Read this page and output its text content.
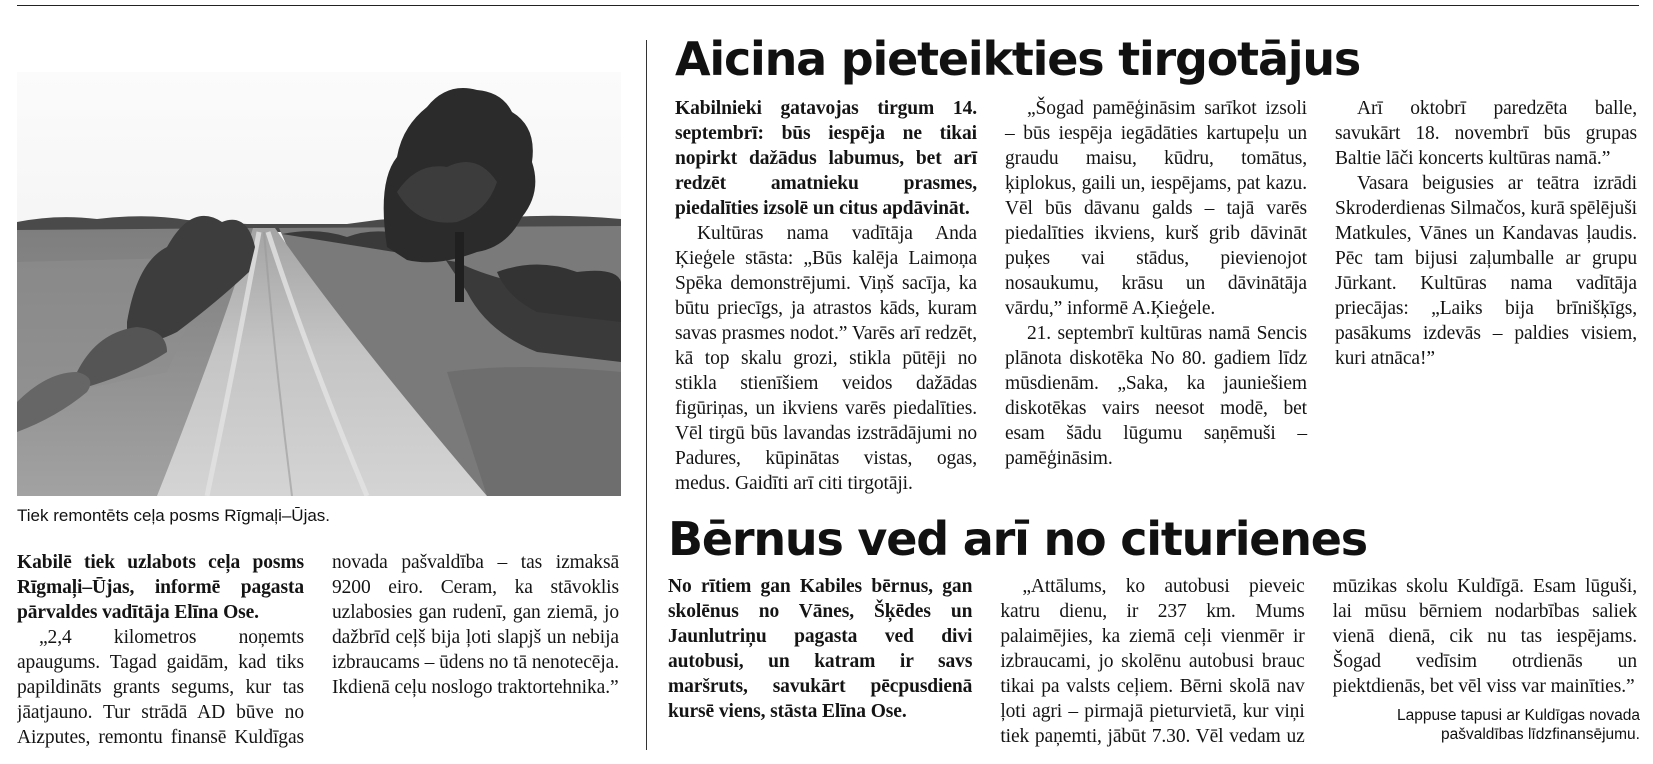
Tiek remontēts ceļa posms Rīgmaļi–Ūjas.

Kabilē tiek uzlabots ceļa posms Rīgmaļi–Ūjas, informē pagasta pārvaldes vadītāja Elīna Ose.

„2,4 kilometros noņemts apaugums. Tagad gaidām, kad tiks papildināts grants segums, kur tas jāatjauno. Tur strādā AD būve no Aizputes, remontu finansē Kuldīgas novada pašvaldība – tas izmaksā 9200 eiro. Ceram, ka stāvoklis uzlabosies gan rudenī, gan ziemā, jo dažbrīd ceļš bija ļoti slapjš un nebija izbraucams – ūdens no tā nenotecēja. Ikdienā ceļu noslogo traktortehnika.”

Aicina pieteikties tirgotājus

Kabilnieki gatavojas tirgum 14. septembrī: būs iespēja ne tikai nopirkt dažādus labumus, bet arī redzēt amatnieku prasmes, piedalīties izsolē un citus apdāvināt.

Kultūras nama vadītāja Anda Ķieģele stāsta: „Būs kalēja Laimoņa Spēka demonstrējumi. Viņš sacīja, ka būtu priecīgs, ja atrastos kāds, kuram savas prasmes nodot.” Varēs arī redzēt, kā top skalu grozi, stikla pūtēji no stikla stienīšiem veidos dažādas figūriņas, un ikviens varēs piedalīties. Vēl tirgū būs lavandas izstrādājumi no Padures, kūpinātas vistas, ogas, medus. Gaidīti arī citi tirgotāji.

„Šogad pamēģināsim sarīkot izsoli – būs iespēja iegādāties kartupeļu un graudu maisu, kūdru, tomātus, ķiplokus, gaili un, iespējams, pat kazu. Vēl būs dāvanu galds – tajā varēs piedalīties ikviens, kurš grib dāvināt puķes vai stādus, pievienojot nosaukumu, krāsu un dāvinātāja vārdu,” informē A.Ķieģele.

21. septembrī kultūras namā Sencis plānota diskotēka No 80. gadiem līdz mūsdienām. „Saka, ka jauniešiem diskotēkas vairs neesot modē, bet esam šādu lūgumu saņēmuši – pamēģināsim.

Arī oktobrī paredzēta balle, savukārt 18. novembrī būs grupas Baltie lāči koncerts kultūras namā.”

Vasara beigusies ar teātra izrādi Skroderdienas Silmačos, kurā spēlējuši Matkules, Vānes un Kandavas ļaudis. Pēc tam bijusi zaļumballe ar grupu Jūrkant. Kultūras nama vadītāja priecājas: „Laiks bija brīnišķīgs, pasākums izdevās – paldies visiem, kuri atnāca!”

Bērnus ved arī no citurienes

No rītiem gan Kabiles bērnus, gan skolēnus no Vānes, Šķēdes un Jaunlutriņu pagasta ved divi autobusi, un katram ir savs maršruts, savukārt pēcpusdienā kursē viens, stāsta Elīna Ose.

„Attālums, ko autobusi pieveic katru dienu, ir 237 km. Mums palaimējies, ka ziemā ceļi vienmēr ir izbraucami, jo skolēnu autobusi brauc tikai pa valsts ceļiem. Bērni skolā nav ļoti agri – pirmajā pieturvietā, kur viņi tiek paņemti, jābūt 7.30. Vēl vedam uz mūzikas skolu Kuldīgā. Esam lūguši, lai mūsu bērniem nodarbības saliek vienā dienā, cik nu tas iespējams. Šogad vedīsim otrdienās un piektdienās, bet vēl viss var mainīties.”

Lappuse tapusi ar Kuldīgas novada pašvaldības līdzfinansējumu.
